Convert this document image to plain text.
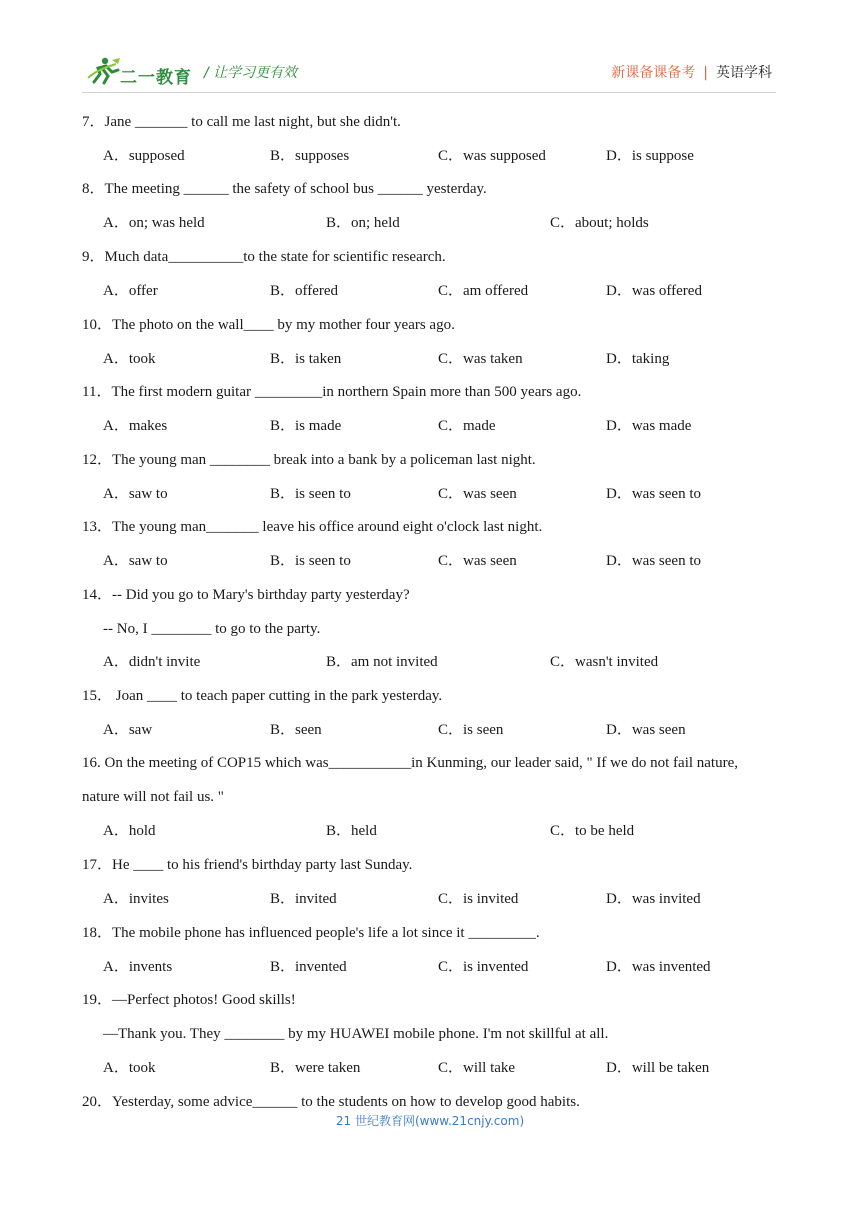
二一教育 / 让学习更有效	新课备课备考 | 英语学科
7．Jane _______ to call me last night, but she didn't.
A．supposed	B．supposes	C．was supposed	D．is suppose
8．The meeting ______ the safety of school bus ______ yesterday.
A．on; was held	B．on; held	C．about; holds
9．Much data__________to the state for scientific research.
A．offer	B．offered	C．am offered	D．was offered
10．The photo on the wall____ by my mother four years ago.
A．took	B．is taken	C．was taken	D．taking
11．The first modern guitar _________in northern Spain more than 500 years ago.
A．makes	B．is made	C．made	D．was made
12．The young man ________ break into a bank by a policeman last night.
A．saw to	B．is seen to	C．was seen	D．was seen to
13．The young man_______ leave his office around eight o'clock last night.
A．saw to	B．is seen to	C．was seen	D．was seen to
14．-- Did you go to Mary's birthday party yesterday?
-- No, I ________ to go to the party.
A．didn't invite	B．am not invited	C．wasn't invited
15． Joan ____ to teach paper cutting in the park yesterday.
A．saw	B．seen	C．is seen	D．was seen
16. On the meeting of COP15 which was___________in Kunming, our leader said, " If we do not fail nature,
nature will not fail us. "
A．hold	B．held	C．to be held
17．He ____ to his friend's birthday party last Sunday.
A．invites	B．invited	C．is invited	D．was invited
18．The mobile phone has influenced people's life a lot since it _________.
A．invents	B．invented	C．is invented	D．was invented
19．—Perfect photos! Good skills!
—Thank you. They ________ by my HUAWEI mobile phone. I'm not skillful at all.
A．took	B．were taken	C．will take	D．will be taken
20．Yesterday, some advice______ to the students on how to develop good habits.
21 世纪教育网(www.21cnjy.com)
